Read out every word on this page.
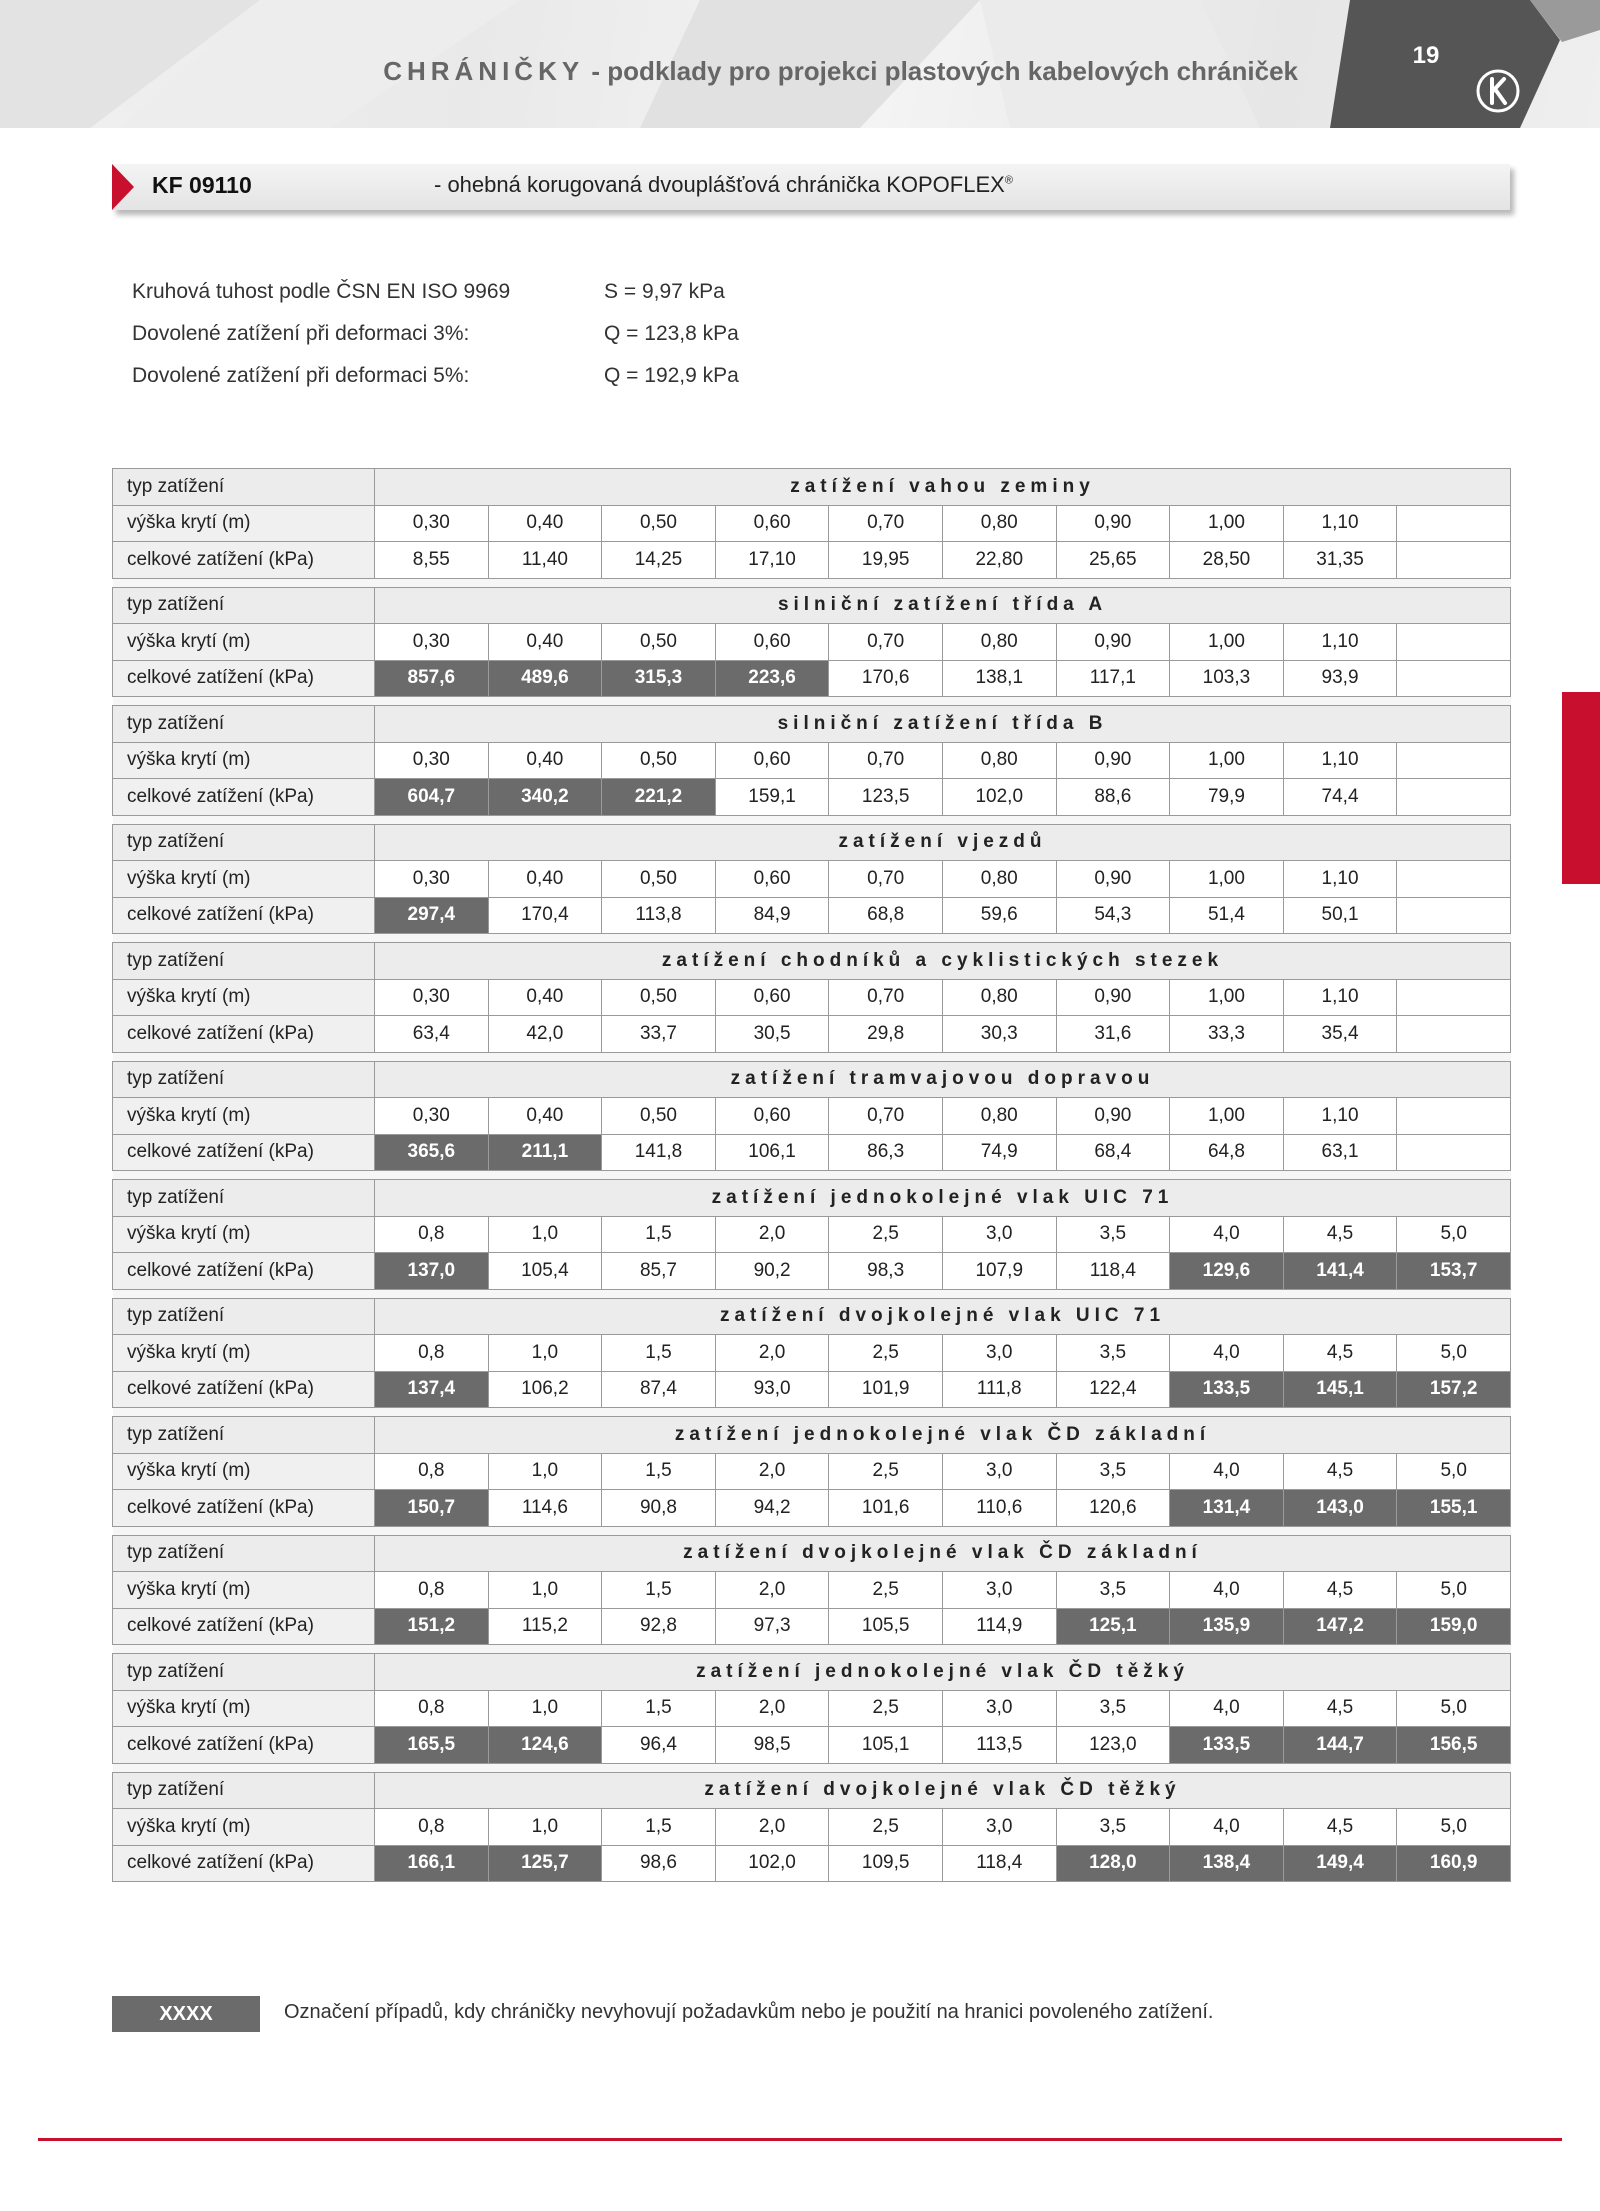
CHRÁNIČKY - podklady pro projekci plastových kabelových chrániček
19
KF 09110	- ohebná korugovaná dvouplášťová chránička KOPOFLEX®
Kruhová tuhost podle ČSN EN ISO 9969	S = 9,97 kPa
Dovolené zatížení při deformaci 3%:	Q = 123,8 kPa
Dovolené zatížení při deformaci 5%:	Q = 192,9 kPa
typ zatížení	zatížení vahou zeminy									
výška krytí (m)	0,30	0,40	0,50	0,60	0,70	0,80	0,90	1,00	1,10	
celkové zatížení (kPa)	8,55	11,40	14,25	17,10	19,95	22,80	25,65	28,50	31,35	

typ zatížení	silniční zatížení třída A									
výška krytí (m)	0,30	0,40	0,50	0,60	0,70	0,80	0,90	1,00	1,10	
celkové zatížení (kPa)	857,6	489,6	315,3	223,6	170,6	138,1	117,1	103,3	93,9	

typ zatížení	silniční zatížení třída B									
výška krytí (m)	0,30	0,40	0,50	0,60	0,70	0,80	0,90	1,00	1,10	
celkové zatížení (kPa)	604,7	340,2	221,2	159,1	123,5	102,0	88,6	79,9	74,4	

typ zatížení	zatížení vjezdů									
výška krytí (m)	0,30	0,40	0,50	0,60	0,70	0,80	0,90	1,00	1,10	
celkové zatížení (kPa)	297,4	170,4	113,8	84,9	68,8	59,6	54,3	51,4	50,1	

typ zatížení	zatížení chodníků a cyklistických stezek									
výška krytí (m)	0,30	0,40	0,50	0,60	0,70	0,80	0,90	1,00	1,10	
celkové zatížení (kPa)	63,4	42,0	33,7	30,5	29,8	30,3	31,6	33,3	35,4	

typ zatížení	zatížení tramvajovou dopravou									
výška krytí (m)	0,30	0,40	0,50	0,60	0,70	0,80	0,90	1,00	1,10	
celkové zatížení (kPa)	365,6	211,1	141,8	106,1	86,3	74,9	68,4	64,8	63,1	

typ zatížení	zatížení jednokolejné vlak UIC 71									
výška krytí (m)	0,8	1,0	1,5	2,0	2,5	3,0	3,5	4,0	4,5	5,0
celkové zatížení (kPa)	137,0	105,4	85,7	90,2	98,3	107,9	118,4	129,6	141,4	153,7

typ zatížení	zatížení dvojkolejné vlak UIC 71									
výška krytí (m)	0,8	1,0	1,5	2,0	2,5	3,0	3,5	4,0	4,5	5,0
celkové zatížení (kPa)	137,4	106,2	87,4	93,0	101,9	111,8	122,4	133,5	145,1	157,2

typ zatížení	zatížení jednokolejné vlak ČD základní									
výška krytí (m)	0,8	1,0	1,5	2,0	2,5	3,0	3,5	4,0	4,5	5,0
celkové zatížení (kPa)	150,7	114,6	90,8	94,2	101,6	110,6	120,6	131,4	143,0	155,1

typ zatížení	zatížení dvojkolejné vlak ČD základní									
výška krytí (m)	0,8	1,0	1,5	2,0	2,5	3,0	3,5	4,0	4,5	5,0
celkové zatížení (kPa)	151,2	115,2	92,8	97,3	105,5	114,9	125,1	135,9	147,2	159,0

typ zatížení	zatížení jednokolejné vlak ČD těžký									
výška krytí (m)	0,8	1,0	1,5	2,0	2,5	3,0	3,5	4,0	4,5	5,0
celkové zatížení (kPa)	165,5	124,6	96,4	98,5	105,1	113,5	123,0	133,5	144,7	156,5

typ zatížení	zatížení dvojkolejné vlak ČD těžký									
výška krytí (m)	0,8	1,0	1,5	2,0	2,5	3,0	3,5	4,0	4,5	5,0
celkové zatížení (kPa)	166,1	125,7	98,6	102,0	109,5	118,4	128,0	138,4	149,4	160,9
XXXX	Označení případů, kdy chráničky nevyhovují požadavkům nebo je použití na hranici povoleného zatížení.
